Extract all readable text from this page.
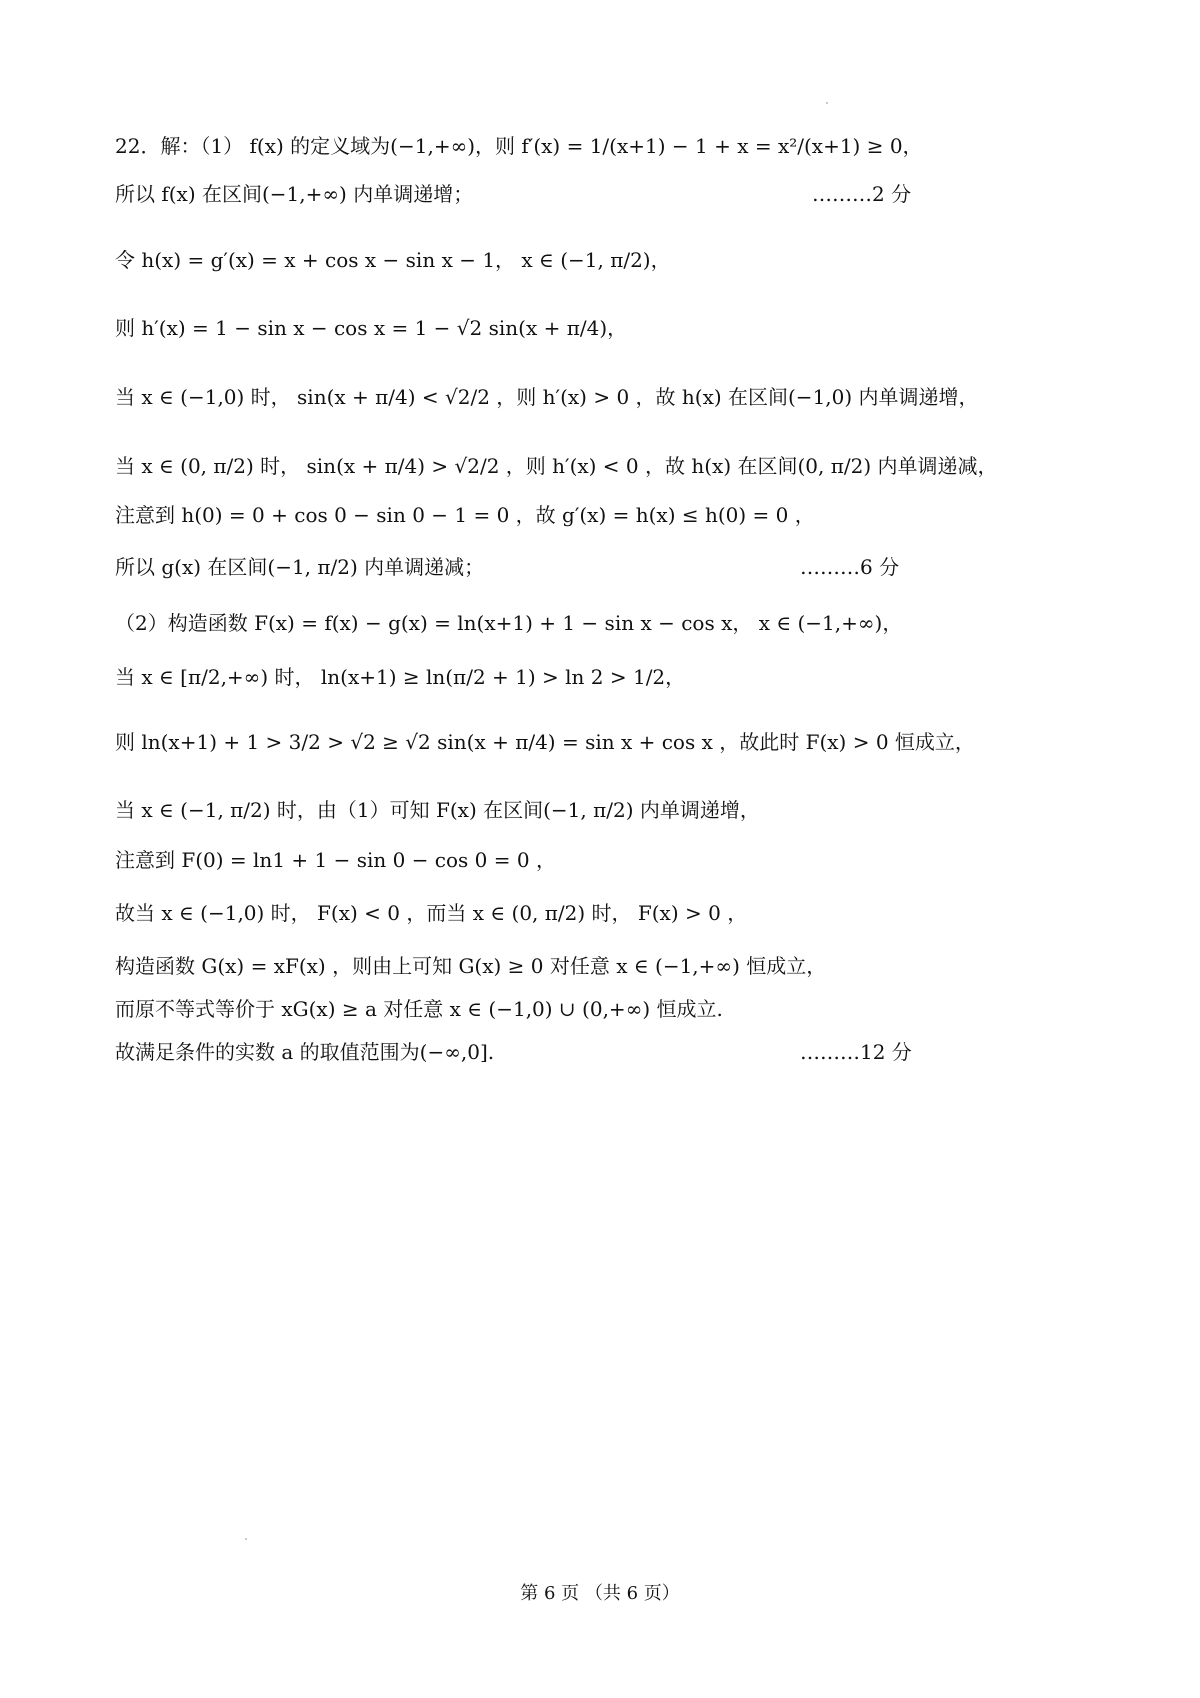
22．解：（1） f(x) 的定义域为(−1,+∞)，则 f′(x) = 1/(x+1) − 1 + x = x²/(x+1) ≥ 0，
所以 f(x) 在区间(−1,+∞) 内单调递增；	………2 分
令 h(x) = g′(x) = x + cos x − sin x − 1， x ∈ (−1, π/2)，
则 h′(x) = 1 − sin x − cos x = 1 − √2 sin(x + π/4)，
当 x ∈ (−1,0) 时， sin(x + π/4) < √2/2 ，则 h′(x) > 0 ，故 h(x) 在区间(−1,0) 内单调递增，
当 x ∈ (0, π/2) 时， sin(x + π/4) > √2/2 ，则 h′(x) < 0 ，故 h(x) 在区间(0, π/2) 内单调递减，
注意到 h(0) = 0 + cos 0 − sin 0 − 1 = 0 ，故 g′(x) = h(x) ≤ h(0) = 0 ，
所以 g(x) 在区间(−1, π/2) 内单调递减；	………6 分
（2）构造函数 F(x) = f(x) − g(x) = ln(x+1) + 1 − sin x − cos x， x ∈ (−1,+∞)，
当 x ∈ [π/2,+∞) 时， ln(x+1) ≥ ln(π/2 + 1) > ln 2 > 1/2，
则 ln(x+1) + 1 > 3/2 > √2 ≥ √2 sin(x + π/4) = sin x + cos x ，故此时 F(x) > 0 恒成立，
当 x ∈ (−1, π/2) 时，由（1）可知 F(x) 在区间(−1, π/2) 内单调递增，
注意到 F(0) = ln1 + 1 − sin 0 − cos 0 = 0 ，
故当 x ∈ (−1,0) 时， F(x) < 0 ，而当 x ∈ (0, π/2) 时， F(x) > 0 ，
构造函数 G(x) = xF(x) ，则由上可知 G(x) ≥ 0 对任意 x ∈ (−1,+∞) 恒成立，
而原不等式等价于 xG(x) ≥ a 对任意 x ∈ (−1,0) ∪ (0,+∞) 恒成立.
故满足条件的实数 a 的取值范围为(−∞,0].	………12 分
第 6 页 （共 6 页）
